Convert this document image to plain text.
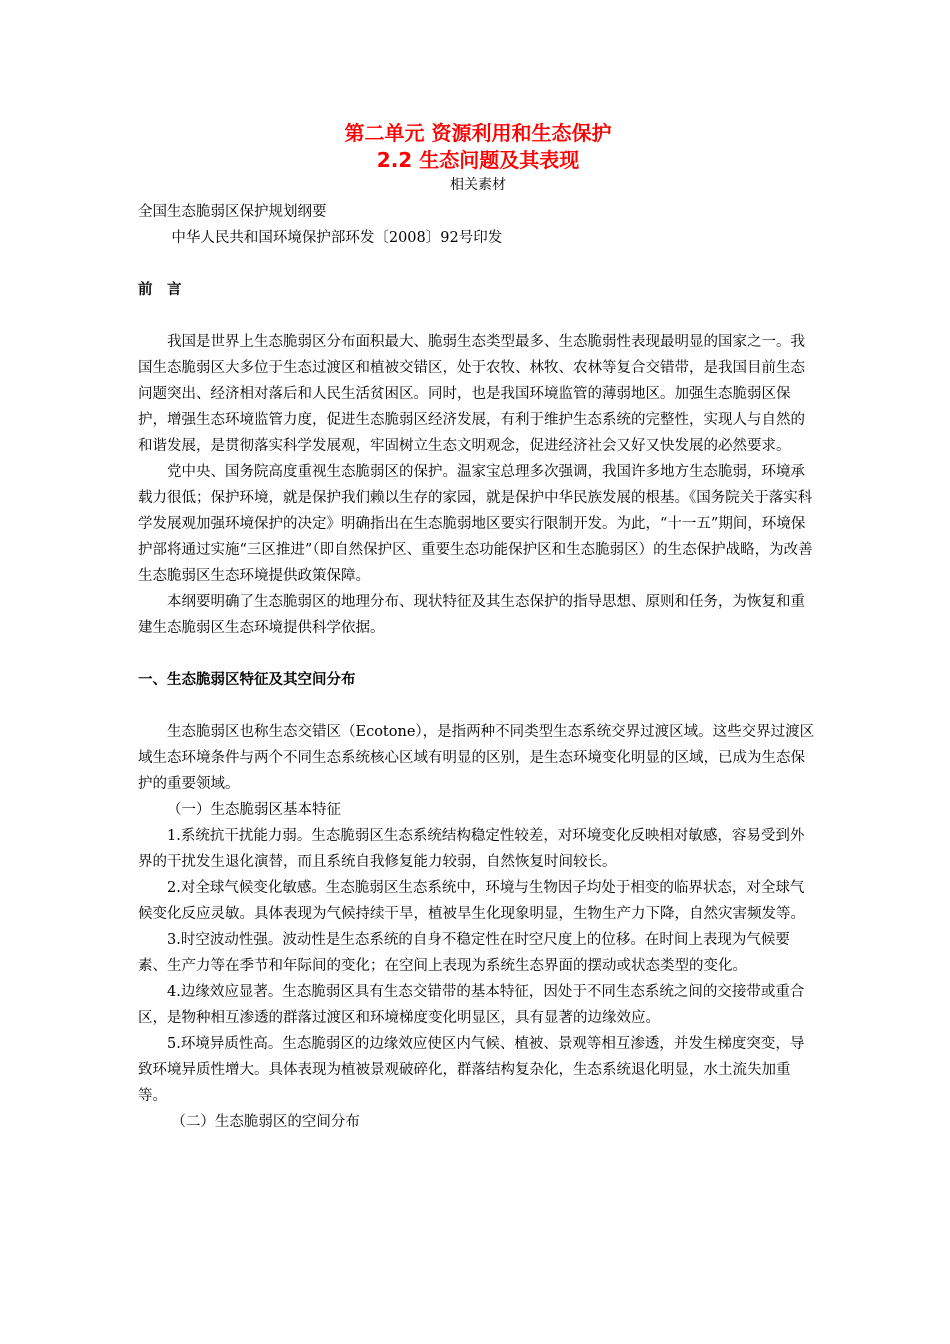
第二单元 资源利用和生态保护

2.2 生态问题及其表现

相关素材

全国生态脆弱区保护规划纲要

中华人民共和国环境保护部环发〔2008〕92号印发

前　言

我国是世界上生态脆弱区分布面积最大、脆弱生态类型最多、生态脆弱性表现最明显的国家之一。我国生态脆弱区大多位于生态过渡区和植被交错区，处于农牧、林牧、农林等复合交错带，是我国目前生态问题突出、经济相对落后和人民生活贫困区。同时，也是我国环境监管的薄弱地区。加强生态脆弱区保护，增强生态环境监管力度，促进生态脆弱区经济发展，有利于维护生态系统的完整性，实现人与自然的和谐发展，是贯彻落实科学发展观，牢固树立生态文明观念，促进经济社会又好又快发展的必然要求。

党中央、国务院高度重视生态脆弱区的保护。温家宝总理多次强调，我国许多地方生态脆弱，环境承载力很低；保护环境，就是保护我们赖以生存的家园，就是保护中华民族发展的根基。《国务院关于落实科学发展观加强环境保护的决定》明确指出在生态脆弱地区要实行限制开发。为此，“十一五”期间，环境保护部将通过实施“三区推进”（即自然保护区、重要生态功能保护区和生态脆弱区）的生态保护战略，为改善生态脆弱区生态环境提供政策保障。

本纲要明确了生态脆弱区的地理分布、现状特征及其生态保护的指导思想、原则和任务，为恢复和重建生态脆弱区生态环境提供科学依据。

一、生态脆弱区特征及其空间分布

生态脆弱区也称生态交错区（Ecotone），是指两种不同类型生态系统交界过渡区域。这些交界过渡区域生态环境条件与两个不同生态系统核心区域有明显的区别，是生态环境变化明显的区域，已成为生态保护的重要领域。

（一）生态脆弱区基本特征

1.系统抗干扰能力弱。生态脆弱区生态系统结构稳定性较差，对环境变化反映相对敏感，容易受到外界的干扰发生退化演替，而且系统自我修复能力较弱，自然恢复时间较长。

2.对全球气候变化敏感。生态脆弱区生态系统中，环境与生物因子均处于相变的临界状态，对全球气候变化反应灵敏。具体表现为气候持续干旱，植被旱生化现象明显，生物生产力下降，自然灾害频发等。

3.时空波动性强。波动性是生态系统的自身不稳定性在时空尺度上的位移。在时间上表现为气候要素、生产力等在季节和年际间的变化；在空间上表现为系统生态界面的摆动或状态类型的变化。

4.边缘效应显著。生态脆弱区具有生态交错带的基本特征，因处于不同生态系统之间的交接带或重合区，是物种相互渗透的群落过渡区和环境梯度变化明显区，具有显著的边缘效应。

5.环境异质性高。生态脆弱区的边缘效应使区内气候、植被、景观等相互渗透，并发生梯度突变，导致环境异质性增大。具体表现为植被景观破碎化，群落结构复杂化，生态系统退化明显，水土流失加重等。

（二）生态脆弱区的空间分布
